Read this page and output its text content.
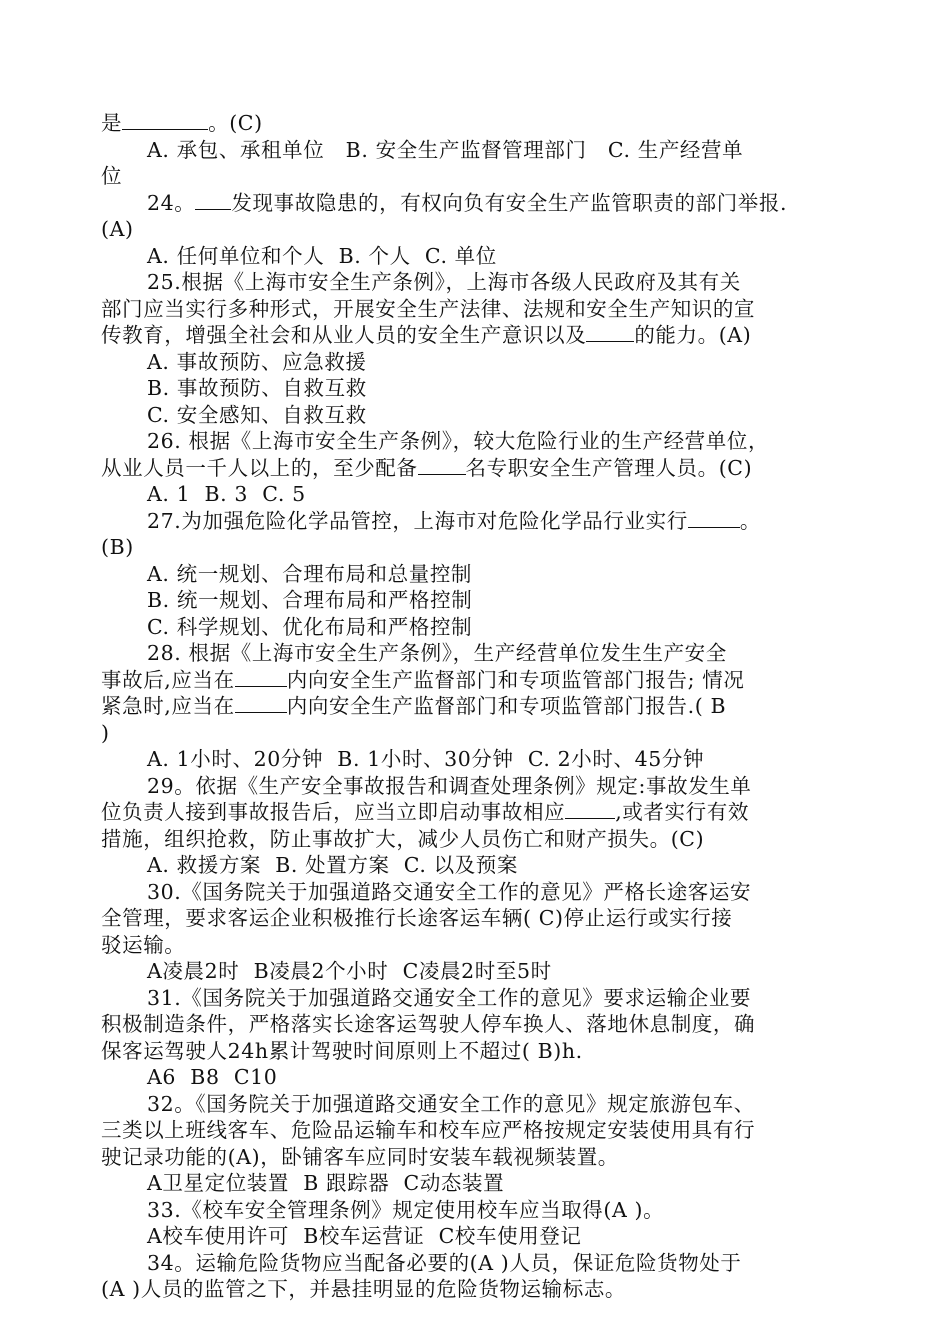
是	。(C)
A. 承包、承租单位   B. 安全生产监督管理部门   C. 生产经营单
位
24。 发现事故隐患的，有权向负有安全生产监管职责的部门举报.
(A)
A. 任何单位和个人  B. 个人  C. 单位
25.根据《上海市安全生产条例》，上海市各级人民政府及其有关
部门应当实行多种形式，开展安全生产法律、法规和安全生产知识的宣
传教育，增强全社会和从业人员的安全生产意识以及 的能力。(A)
A. 事故预防、应急救援
B. 事故预防、自救互救
C. 安全感知、自救互救
26. 根据《上海市安全生产条例》，较大危险行业的生产经营单位，
从业人员一千人以上的，至少配备 名专职安全生产管理人员。(C)
A. 1  B. 3  C. 5
27.为加强危险化学品管控，上海市对危险化学品行业实行	。
(B)
A. 统一规划、合理布局和总量控制
B. 统一规划、合理布局和严格控制
C. 科学规划、优化布局和严格控制
28. 根据《上海市安全生产条例》，生产经营单位发生生产安全
事故后,应当在	内向安全生产监督部门和专项监管部门报告; 情况
紧急时,应当在	内向安全生产监督部门和专项监管部门报告.( B
)
A. 1小时、20分钟  B. 1小时、30分钟  C. 2小时、45分钟
29。依据《生产安全事故报告和调查处理条例》规定:事故发生单
位负责人接到事故报告后，应当立即启动事故相应 ,或者实行有效
措施，组织抢救，防止事故扩大，减少人员伤亡和财产损失。(C)
A. 救援方案  B. 处置方案  C. 以及预案
30.《国务院关于加强道路交通安全工作的意见》严格长途客运安
全管理，要求客运企业积极推行长途客运车辆( C)停止运行或实行接
驳运输。
A凌晨2时  B凌晨2个小时  C凌晨2时至5时
31.《国务院关于加强道路交通安全工作的意见》要求运输企业要
积极制造条件，严格落实长途客运驾驶人停车换人、落地休息制度，确
保客运驾驶人24h累计驾驶时间原则上不超过( B)h.
A6  B8  C10
32。《国务院关于加强道路交通安全工作的意见》规定旅游包车、
三类以上班线客车、危险品运输车和校车应严格按规定安装使用具有行
驶记录功能的(A)，卧铺客车应同时安装车载视频装置。
A卫星定位装置  B 跟踪器  C动态装置
33.《校车安全管理条例》规定使用校车应当取得(A )。
A校车使用许可  B校车运营证  C校车使用登记
34。运输危险货物应当配备必要的(A )人员，保证危险货物处于
(A )人员的监管之下，并悬挂明显的危险货物运输标志。
